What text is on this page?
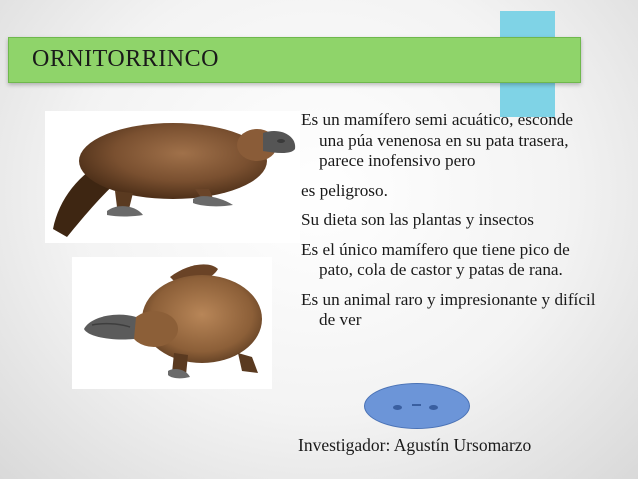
ORNITORRINCO

Es un mamífero semi acuático, esconde una púa venenosa en su pata trasera, parece inofensivo pero

es peligroso.

Su dieta son las plantas y insectos

Es el único mamífero que tiene pico de pato, cola de castor y patas de rana.

Es un animal raro y impresionante y difícil de ver

Investigador: Agustín Ursomarzo
